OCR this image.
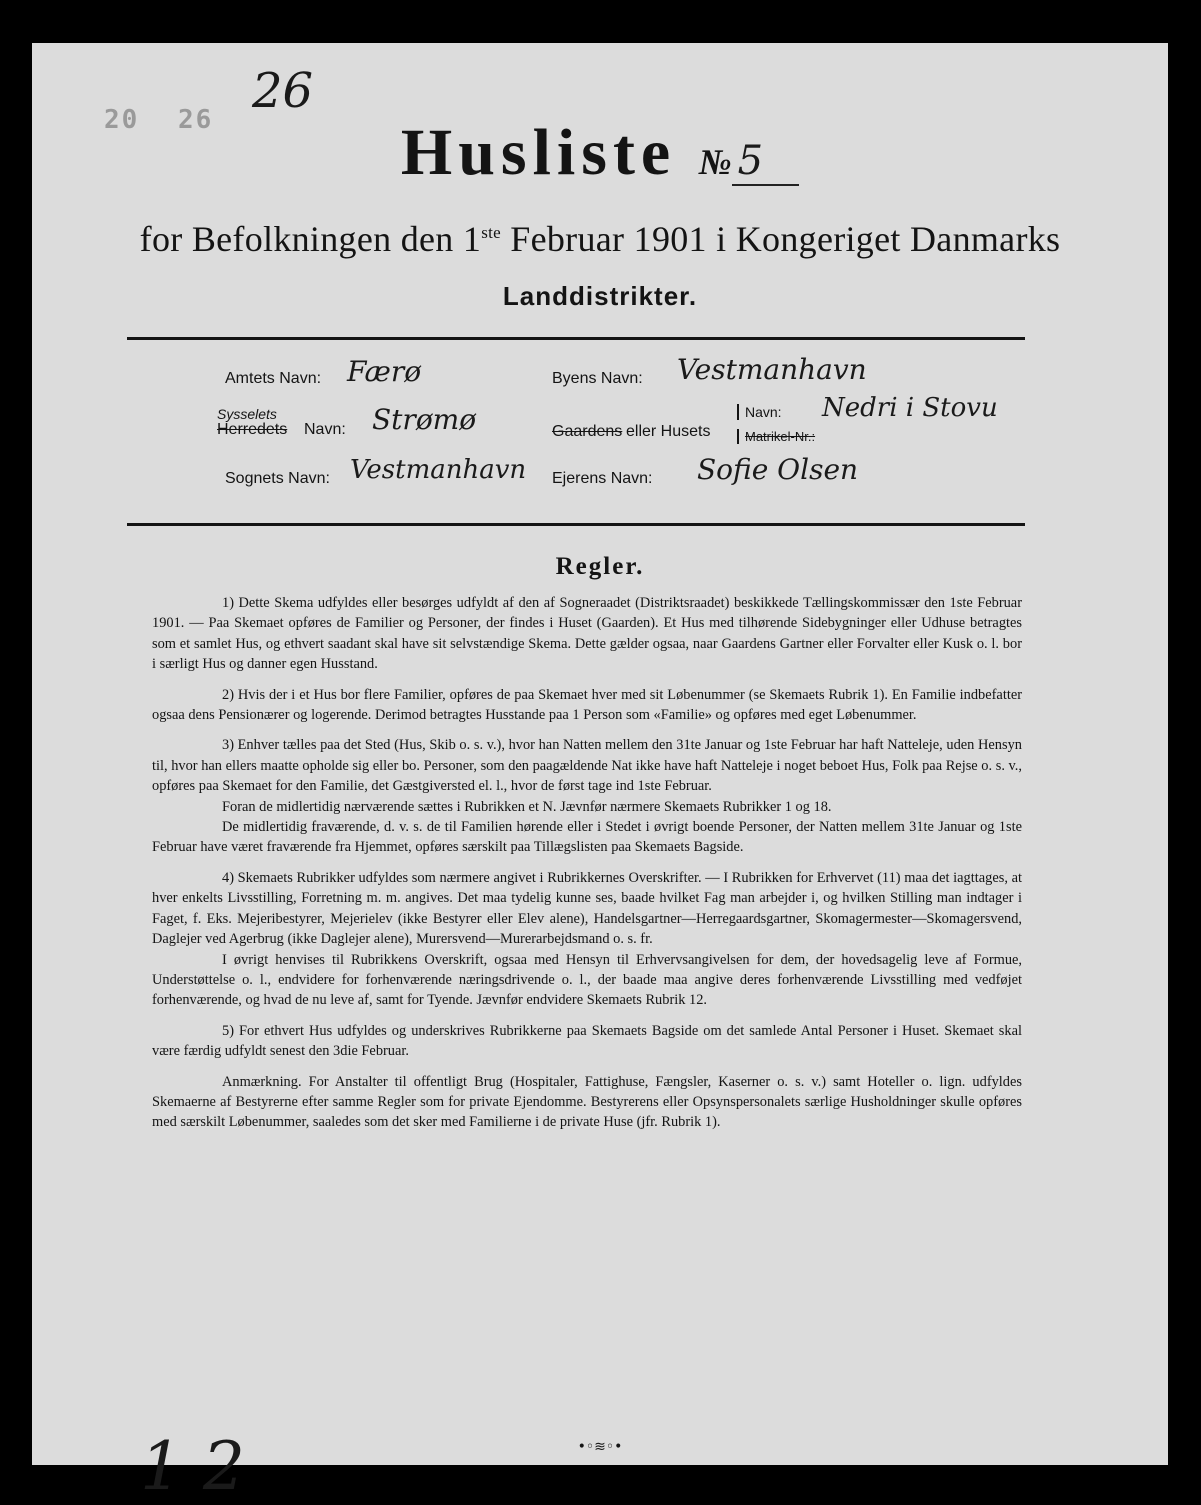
20 26
26
Husliste № 5
for Befolkningen den 1ste Februar 1901 i Kongeriget Danmarks
Landdistrikter.
Amtets Navn: Færø	Byens Navn: Vestmanhavn
Sysselets
Herredets Navn: Strømø	Gaardens eller Husets
Navn: Nedri i Stovu
Matrikel-Nr.:
Sognets Navn: Vestmanhavn Ejerens Navn: Sofie Olsen
Regler.

1) Dette Skema udfyldes eller besørges udfyldt af den af Sogneraadet (Distriktsraadet) beskikkede Tællingskommissær den 1ste Februar 1901. — Paa Skemaet opføres de Familier og Personer, der findes i Huset (Gaarden). Et Hus med tilhørende Sidebygninger eller Udhuse betragtes som et samlet Hus, og ethvert saadant skal have sit selvstændige Skema. Dette gælder ogsaa, naar Gaardens Gartner eller Forvalter eller Kusk o. l. bor i særligt Hus og danner egen Husstand.

2) Hvis der i et Hus bor flere Familier, opføres de paa Skemaet hver med sit Løbenummer (se Skemaets Rubrik 1). En Familie indbefatter ogsaa dens Pensionærer og logerende. Derimod betragtes Husstande paa 1 Person som «Familie» og opføres med eget Løbenummer.

3) Enhver tælles paa det Sted (Hus, Skib o. s. v.), hvor han Natten mellem den 31te Januar og 1ste Februar har haft Natteleje, uden Hensyn til, hvor han ellers maatte opholde sig eller bo. Personer, som den paagældende Nat ikke have haft Natteleje i noget beboet Hus, Folk paa Rejse o. s. v., opføres paa Skemaet for den Familie, det Gæstgiversted el. l., hvor de først tage ind 1ste Februar.

Foran de midlertidig nærværende sættes i Rubrikken et N. Jævnfør nærmere Skemaets Rubrikker 1 og 18.

De midlertidig fraværende, d. v. s. de til Familien hørende eller i Stedet i øvrigt boende Personer, der Natten mellem 31te Januar og 1ste Februar have været fraværende fra Hjemmet, opføres særskilt paa Tillægslisten paa Skemaets Bagside.

4) Skemaets Rubrikker udfyldes som nærmere angivet i Rubrikkernes Overskrifter. — I Rubrikken for Erhvervet (11) maa det iagttages, at hver enkelts Livsstilling, Forretning m. m. angives. Det maa tydelig kunne ses, baade hvilket Fag man arbejder i, og hvilken Stilling man indtager i Faget, f. Eks. Mejeribestyrer, Mejerielev (ikke Bestyrer eller Elev alene), Handelsgartner—Herregaardsgartner, Skomagermester—Skomagersvend, Daglejer ved Agerbrug (ikke Daglejer alene), Murersvend—Murerarbejdsmand o. s. fr.

I øvrigt henvises til Rubrikkens Overskrift, ogsaa med Hensyn til Erhvervsangivelsen for dem, der hovedsagelig leve af Formue, Understøttelse o. l., endvidere for forhenværende næringsdrivende o. l., der baade maa angive deres forhenværende Livsstilling med vedføjet forhenværende, og hvad de nu leve af, samt for Tyende. Jævnfør endvidere Skemaets Rubrik 12.

5) For ethvert Hus udfyldes og underskrives Rubrikkerne paa Skemaets Bagside om det samlede Antal Personer i Huset. Skemaet skal være færdig udfyldt senest den 3die Februar.

Anmærkning. For Anstalter til offentligt Brug (Hospitaler, Fattighuse, Fængsler, Kaserner o. s. v.) samt Hoteller o. lign. udfyldes Skemaerne af Bestyrerne efter samme Regler som for private Ejendomme. Bestyrerens eller Opsynspersonalets særlige Husholdninger skulle opføres med særskilt Løbenummer, saaledes som det sker med Familierne i de private Huse (jfr. Rubrik 1).

•◦≋◦•
1 2
